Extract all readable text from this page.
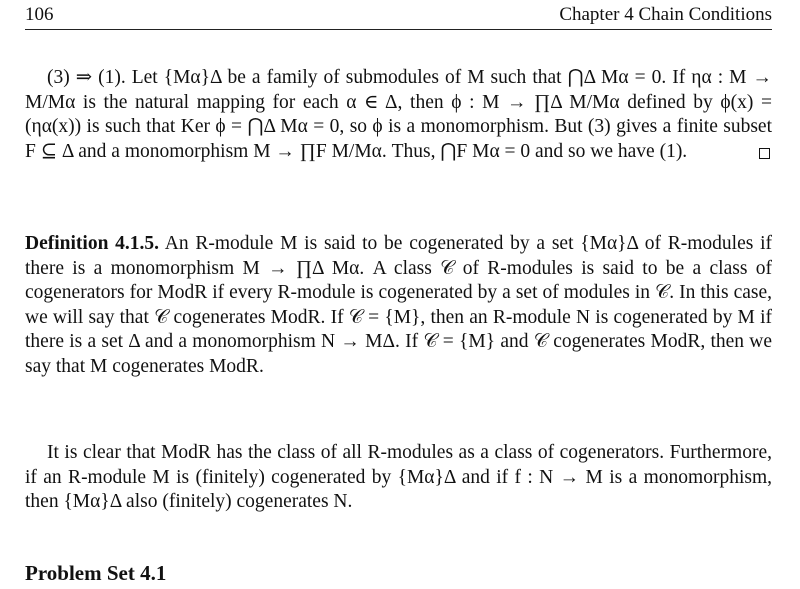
106	Chapter 4 Chain Conditions

(3) ⇒ (1). Let {Mα}Δ be a family of submodules of M such that ⋂Δ Mα = 0. If ηα : M → M/Mα is the natural mapping for each α ∈ Δ, then ϕ : M → ∏Δ M/Mα defined by ϕ(x) = (ηα(x)) is such that Ker ϕ = ⋂Δ Mα = 0, so ϕ is a monomorphism. But (3) gives a finite subset F ⊆ Δ and a monomorphism M → ∏F M/Mα. Thus, ⋂F Mα = 0 and so we have (1).

Definition 4.1.5. An R-module M is said to be cogenerated by a set {Mα}Δ of R-modules if there is a monomorphism M → ∏Δ Mα. A class 𝒞 of R-modules is said to be a class of cogenerators for ModR if every R-module is cogenerated by a set of modules in 𝒞. In this case, we will say that 𝒞 cogenerates ModR. If 𝒞 = {M}, then an R-module N is cogenerated by M if there is a set Δ and a monomorphism N → MΔ. If 𝒞 = {M} and 𝒞 cogenerates ModR, then we say that M cogenerates ModR.

It is clear that ModR has the class of all R-modules as a class of cogenerators. Furthermore, if an R-module M is (finitely) cogenerated by {Mα}Δ and if f : N → M is a monomorphism, then {Mα}Δ also (finitely) cogenerates N.

Problem Set 4.1
